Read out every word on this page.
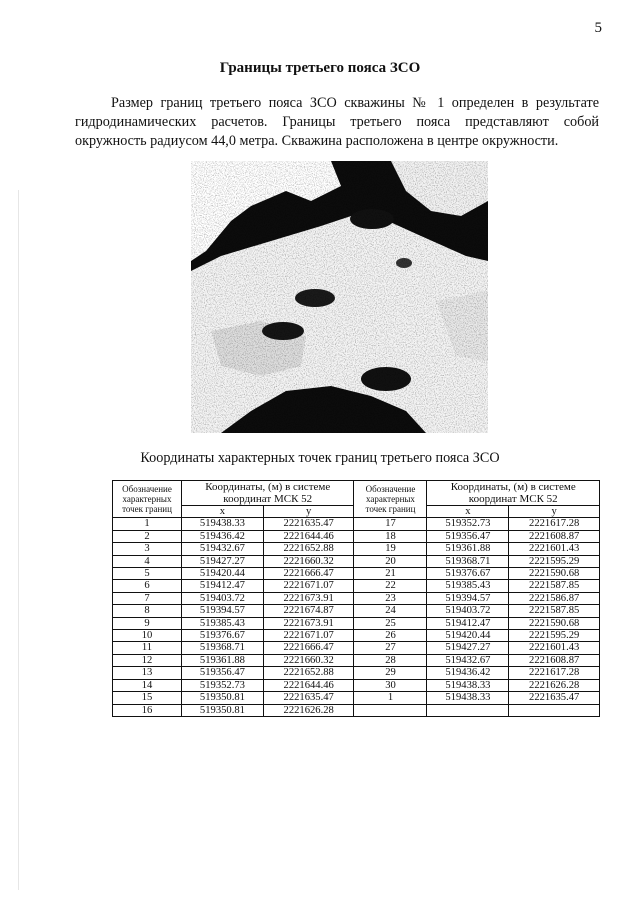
5
Границы третьего пояса ЗСО
Размер границ третьего пояса ЗСО скважины № 1 определен в результате гидродинамических расчетов. Границы третьего пояса представляют собой окружность радиусом 44,0 метра. Скважина расположена в центре окружности.
Координаты характерных точек границ третьего пояса ЗСО
Обозначение характерных точек границ	Координаты, (м) в системе координат МСК 52		Обозначение характерных точек границ	Координаты, (м) в системе координат МСК 52	
	x	y		x	y
1	519438.33	2221635.47	17	519352.73	2221617.28
2	519436.42	2221644.46	18	519356.47	2221608.87
3	519432.67	2221652.88	19	519361.88	2221601.43
4	519427.27	2221660.32	20	519368.71	2221595.29
5	519420.44	2221666.47	21	519376.67	2221590.68
6	519412.47	2221671.07	22	519385.43	2221587.85
7	519403.72	2221673.91	23	519394.57	2221586.87
8	519394.57	2221674.87	24	519403.72	2221587.85
9	519385.43	2221673.91	25	519412.47	2221590.68
10	519376.67	2221671.07	26	519420.44	2221595.29
11	519368.71	2221666.47	27	519427.27	2221601.43
12	519361.88	2221660.32	28	519432.67	2221608.87
13	519356.47	2221652.88	29	519436.42	2221617.28
14	519352.73	2221644.46	30	519438.33	2221626.28
15	519350.81	2221635.47	1	519438.33	2221635.47
16	519350.81	2221626.28			
